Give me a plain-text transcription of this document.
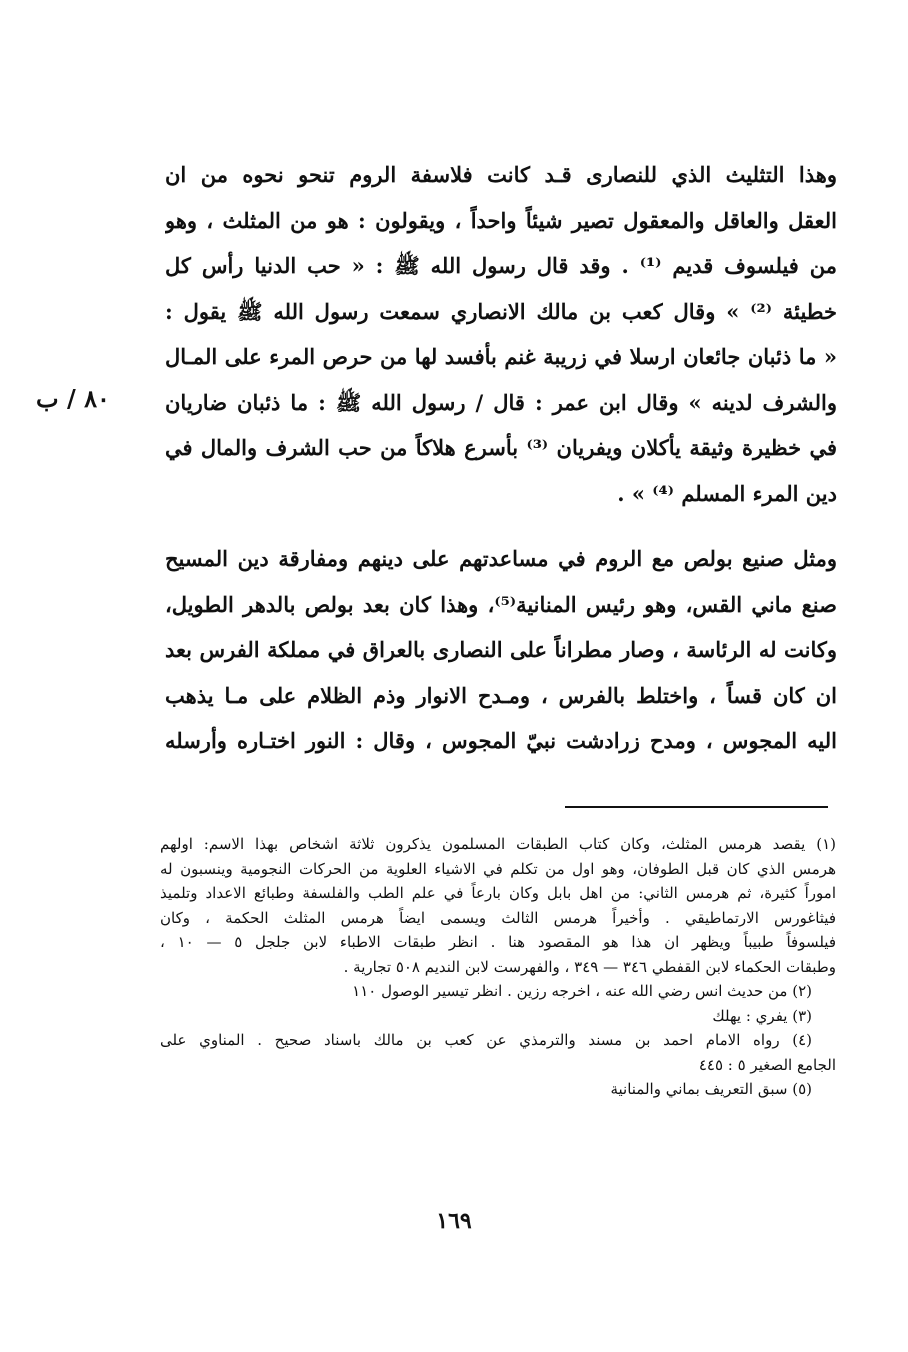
٨٠ / ب
وهذا التثليث الذي للنصارى قـد كانت فلاسفة الروم تنحو نحوه من ان
العقل والعاقل والمعقول تصير شيئاً واحداً ، ويقولون : هو من المثلث ، وهو
من فيلسوف قديم ⁽¹⁾ . وقد قال رسول الله ﷺ : « حب الدنيا رأس كل
خطيئة ⁽²⁾ » وقال كعب بن مالك الانصاري سمعت رسول الله ﷺ يقول :
« ما ذئبان جائعان ارسلا في زريبة غنم بأفسد لها من حرص المرء على المـال
والشرف لدينه » وقال ابن عمر : قال / رسول الله ﷺ : ما ذئبان ضاريان
في خظيرة وثيقة يأكلان ويفريان ⁽³⁾ بأسرع هلاكاً من حب الشرف والمال في
دين المرء المسلم ⁽⁴⁾ » .
ومثل صنيع بولص مع الروم في مساعدتهم على دينهم ومفارقة دين المسيح
صنع ماني القس، وهو رئيس المنانية⁽⁵⁾، وهذا كان بعد بولص بالدهر الطويل،
وكانت له الرئاسة ، وصار مطراناً على النصارى بالعراق في مملكة الفرس بعد
ان كان قساً ، واختلط بالفرس ، ومـدح الانوار وذم الظلام على مـا يذهب
اليه المجوس ، ومدح زرادشت نبيّ المجوس ، وقال : النور اختـاره وأرسله
(١) يقصد هرمس المثلث، وكان كتاب الطبقات المسلمون يذكرون ثلاثة اشخاص بهذا الاسم: اولهم
هرمس الذي كان قبل الطوفان، وهو اول من تكلم في الاشياء العلوية من الحركات النجومية وينسبون له
اموراً كثيرة، ثم هرمس الثاني: من اهل بابل وكان بارعاً في علم الطب والفلسفة وطبائع الاعداد وتلميذ
فيثاغورس الارتماطيقي . وأخيراً هرمس الثالث ويسمى ايضاً هرمس المثلث الحكمة ، وكان
فيلسوفاً طبيباً ويظهر ان هذا هو المقصود هنا . انظر طبقات الاطباء لابن جلجل ٥ — ١٠ ،
وطبقات الحكماء لابن القفطي ٣٤٦ — ٣٤٩ ، والفهرست لابن النديم ٥٠٨ تجارية .
(٢) من حديث انس رضي الله عنه ، اخرجه رزين . انظر تيسير الوصول ١١٠
(٣) يفري : يهلك
(٤) رواه الامام احمد بن مسند والترمذي عن كعب بن مالك باسناد صحيح . المناوي على
الجامع الصغير ٥ : ٤٤٥
(٥) سبق التعريف بماني والمنانية
١٦٩
